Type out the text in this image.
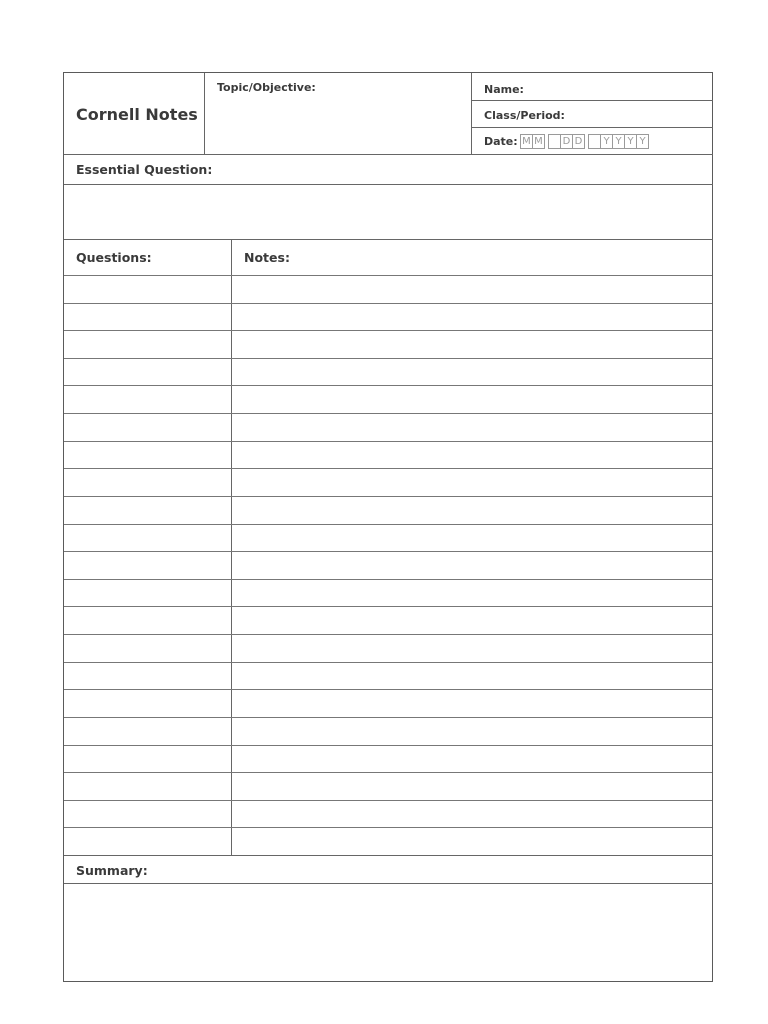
Cornell Notes
Topic/Objective:	Name:
Class/Period:
Date: M M D D	Y Y Y Y
Essential Question:
Questions:	Notes:
Summary:
